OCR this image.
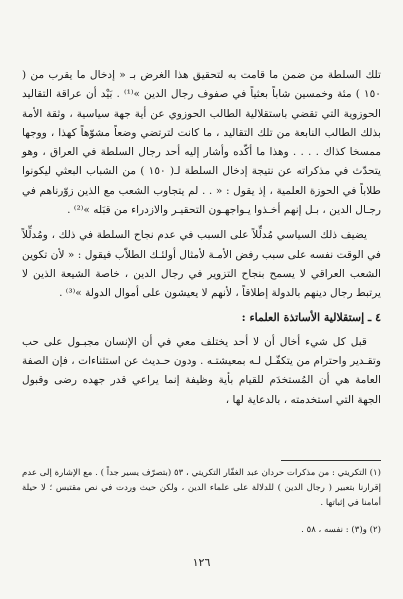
تلك السلطة من ضمن ما قامت به لتحقيق هذا الغرض بـ « إدخال ما يقرب من ( ١٥٠ ) مئة وخمسين شاباً بعثياً في صفوف رجال الدين »⁽¹⁾ . بَيْد أن عراقة التقاليد الحوزوية التي تقضي باستقلالية الطالب الحوزوي عن أية جهة سياسية ، وثقة الأمة بذلك الطالب النابعة من تلك التقاليد ، ما كانت لترتضي وضعاً مشوّهاً كهذا ، ووجها ممسخا كذاك . . . . وهذا ما أكّده وأشار إليه أحد رجال السلطة في العراق ، وهو يتحدّث في مذكراته عن نتيجة إدخال السلطة لـ( ١٥٠ ) من الشباب البعثي ليكونوا طلاباً في الحوزة العلمية ، إذ يقول : « . . لم يتجاوب الشعب مع الذين زوّرناهم في رجـال الدين ، بـل إنهم أخـذوا يـواجهـون التحقيـر والازدراء من قبَله »⁽²⁾ .

يضيف ذلك السياسي مُدلِّلاً على السبب في عدم نجاح السلطة في ذلك ، ومُدلِّلاً في الوقت نفسه على سبب رفض الأمـة لأمثال أولئـك الطلاّب فيقول : « لأن تكوين الشعب العراقي لا يسمح بنجاح التزوير في رجال الدين ، خاصة الشيعة الذين لا يرتبط رجال دينهم بالدولة إطلاقاً ، لأنهم لا يعيشون على أموال الدولة »⁽³⁾ .

٤ ـ إستقلالية الأساتذة العلماء :

قبل كل شيء أخال أن لا أحد يختلف معي في أن الإنسان مجبـول على حب وتقـدير واحترام من يتكفّـل لـه بمعيشتـه . ودون حـديث عن استثناءات ، فإن الصفة العامة هي أن المُستخدَم للقيام بأية وظيفة إنما يراعي قدر جهده رضى وقبول الجهة التي استخدمته ، بالدعاية لها ،

(١) التكريتي : من مذكرات حردان عبد الغفّار التكريتي ، ٥٣ (بتصرّف يسير جداً ) . مع الإشارة إلى عدم إقرارنا بتعبير ( رجال الدين ) للدلالة على علماء الدين ، ولكن حيث وردت في نص مقتبس ؛ لا حيلة أمامنا في إثباتها .

(٢) و(٣) : نفسه ، ٥٨ .

١٢٦
